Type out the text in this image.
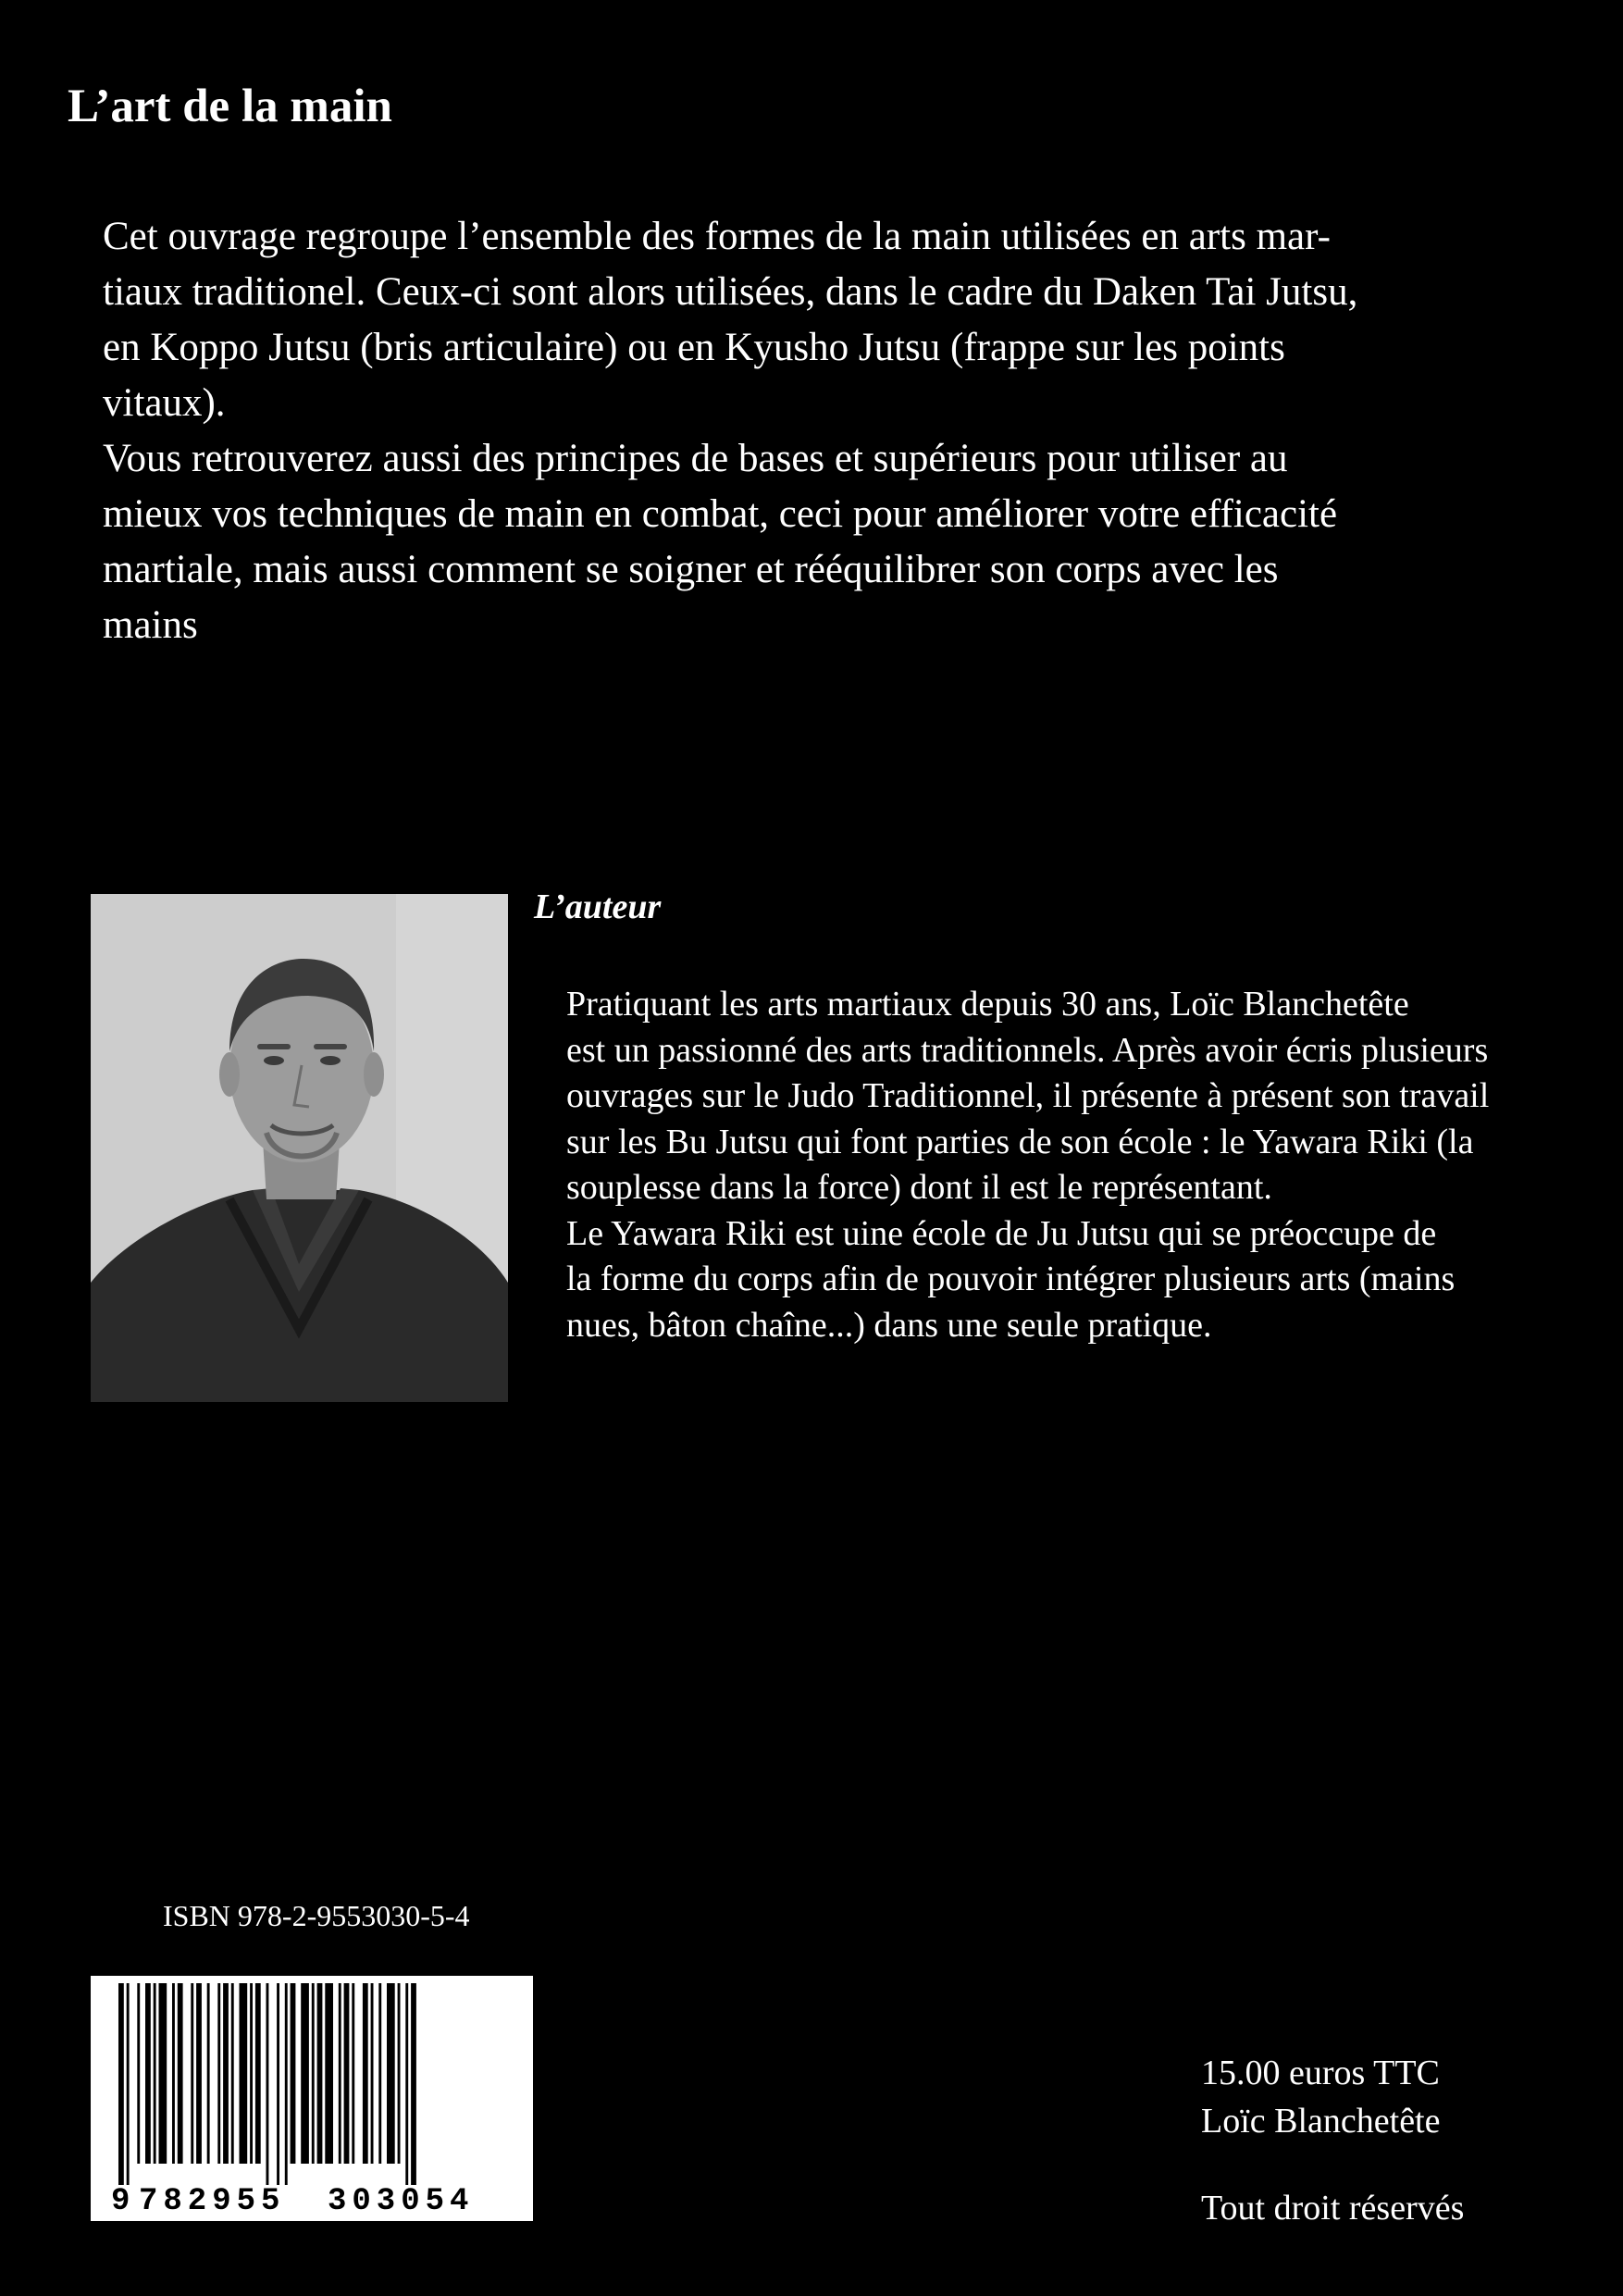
L’art de la main

Cet ouvrage regroupe l’ensemble des formes de la main utilisées en arts mar-
tiaux traditionel. Ceux-ci sont alors utilisées, dans le cadre du Daken Tai Jutsu,
en Koppo Jutsu (bris articulaire) ou en Kyusho Jutsu (frappe sur les points
vitaux).

Vous retrouverez aussi des principes de bases et supérieurs pour utiliser au
mieux vos techniques de main en combat, ceci pour améliorer votre efficacité
martiale, mais aussi comment se soigner et rééquilibrer son corps avec les
mains

L’auteur

Pratiquant les arts martiaux depuis 30 ans, Loïc Blanchetête
est un passionné des arts traditionnels. Après avoir écris plusieurs
ouvrages sur le Judo Traditionnel, il présente à présent son travail
sur les Bu Jutsu qui font parties de son école : le Yawara Riki (la
souplesse dans la force) dont il est le représentant.

Le Yawara Riki est uine école de Ju Jutsu qui se préoccupe de
la forme du corps afin de pouvoir intégrer plusieurs arts (mains
nues, bâton chaîne...) dans une seule pratique.

ISBN 978-2-9553030-5-4
9 782955 303054
15.00 euros TTC
Loïc Blanchetête
Tout droit réservés
